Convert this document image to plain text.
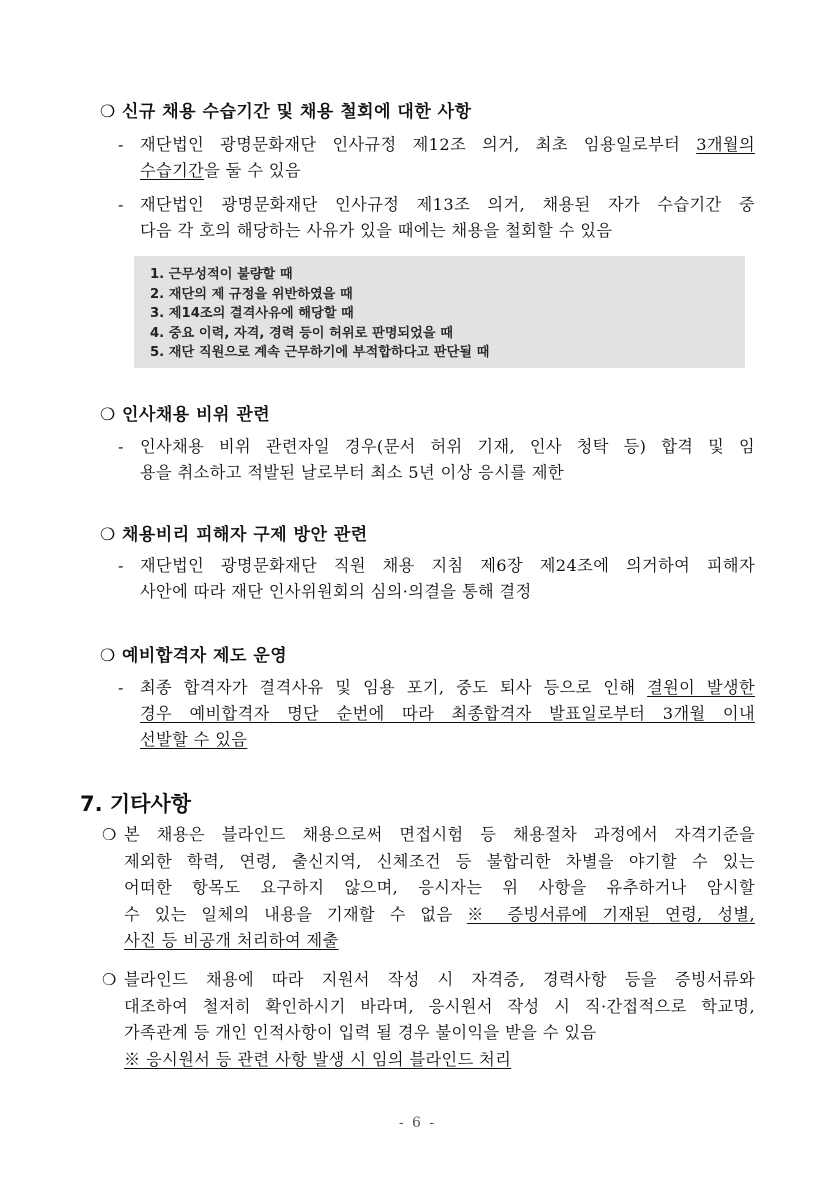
❍ 신규 채용 수습기간 및 채용 철회에 대한 사항
- 재단법인 광명문화재단 인사규정 제12조 의거, 최초 임용일로부터 3개월의
수습기간을 둘 수 있음
- 재단법인 광명문화재단 인사규정 제13조 의거, 채용된 자가 수습기간 중
다음 각 호의 해당하는 사유가 있을 때에는 채용을 철회할 수 있음
1. 근무성적이 불량할 때
2. 재단의 제 규정을 위반하였을 때
3. 제14조의 결격사유에 해당할 때
4. 중요 이력, 자격, 경력 등이 허위로 판명되었을 때
5. 재단 직원으로 계속 근무하기에 부적합하다고 판단될 때
❍ 인사채용 비위 관련
- 인사채용 비위 관련자일 경우(문서 허위 기재, 인사 청탁 등) 합격 및 임
용을 취소하고 적발된 날로부터 최소 5년 이상 응시를 제한
❍ 채용비리 피해자 구제 방안 관련
- 재단법인 광명문화재단 직원 채용 지침 제6장 제24조에 의거하여 피해자
사안에 따라 재단 인사위원회의 심의·의결을 통해 결정
❍ 예비합격자 제도 운영
- 최종 합격자가 결격사유 및 임용 포기, 중도 퇴사 등으로 인해 결원이 발생한
경우 예비합격자 명단 순번에 따라 최종합격자 발표일로부터 3개월 이내
선발할 수 있음
7. 기타사항
❍ 본 채용은 블라인드 채용으로써 면접시험 등 채용절차 과정에서 자격기준을
제외한 학력, 연령, 출신지역, 신체조건 등 불합리한 차별을 야기할 수 있는
어떠한 항목도 요구하지 않으며, 응시자는 위 사항을 유추하거나 암시할
수 있는 일체의 내용을 기재할 수 없음 ※ 증빙서류에 기재된 연령, 성별,
사진 등 비공개 처리하여 제출
❍ 블라인드 채용에 따라 지원서 작성 시 자격증, 경력사항 등을 증빙서류와
대조하여 철저히 확인하시기 바라며, 응시원서 작성 시 직·간접적으로 학교명,
가족관계 등 개인 인적사항이 입력 될 경우 불이익을 받을 수 있음
※ 응시원서 등 관련 사항 발생 시 임의 블라인드 처리
- 6 -
